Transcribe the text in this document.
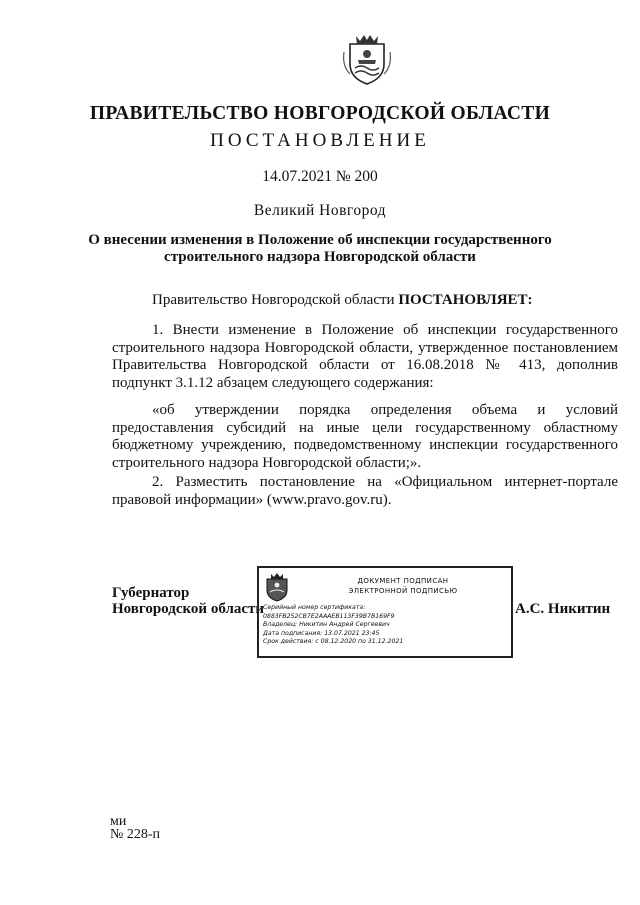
ПРАВИТЕЛЬСТВО НОВГОРОДСКОЙ ОБЛАСТИ
ПОСТАНОВЛЕНИЕ
14.07.2021 № 200
Великий Новгород
О внесении изменения в Положение об инспекции государственного
строительного надзора Новгородской области
Правительство Новгородской области ПОСТАНОВЛЯЕТ:
1. Внести изменение в Положение об инспекции государственного строительного надзора Новгородской области, утвержденное постановлением Правительства Новгородской области от 16.08.2018 № 413, дополнив подпункт 3.1.12 абзацем следующего содержания:
«об утверждении порядка определения объема и условий предоставления субсидий на иные цели государственному областному бюджетному учреждению, подведомственному инспекции государственного строительного надзора Новгородской области;».
2. Разместить постановление на «Официальном интернет-портале правовой информации» (www.pravo.gov.ru).
Губернатор
Новгородской области
ДОКУМЕНТ ПОДПИСАН
ЭЛЕКТРОННОЙ ПОДПИСЬЮ
Серийный номер сертификата:
0883FB252CB7E2AAAEB113F39B7B169F9
Владелец: Никитин Андрей Сергеевич
Дата подписания: 13.07.2021 23:45
Срок действия: с 08.12.2020 по 31.12.2021
А.С. Никитин
ми
№ 228-п
